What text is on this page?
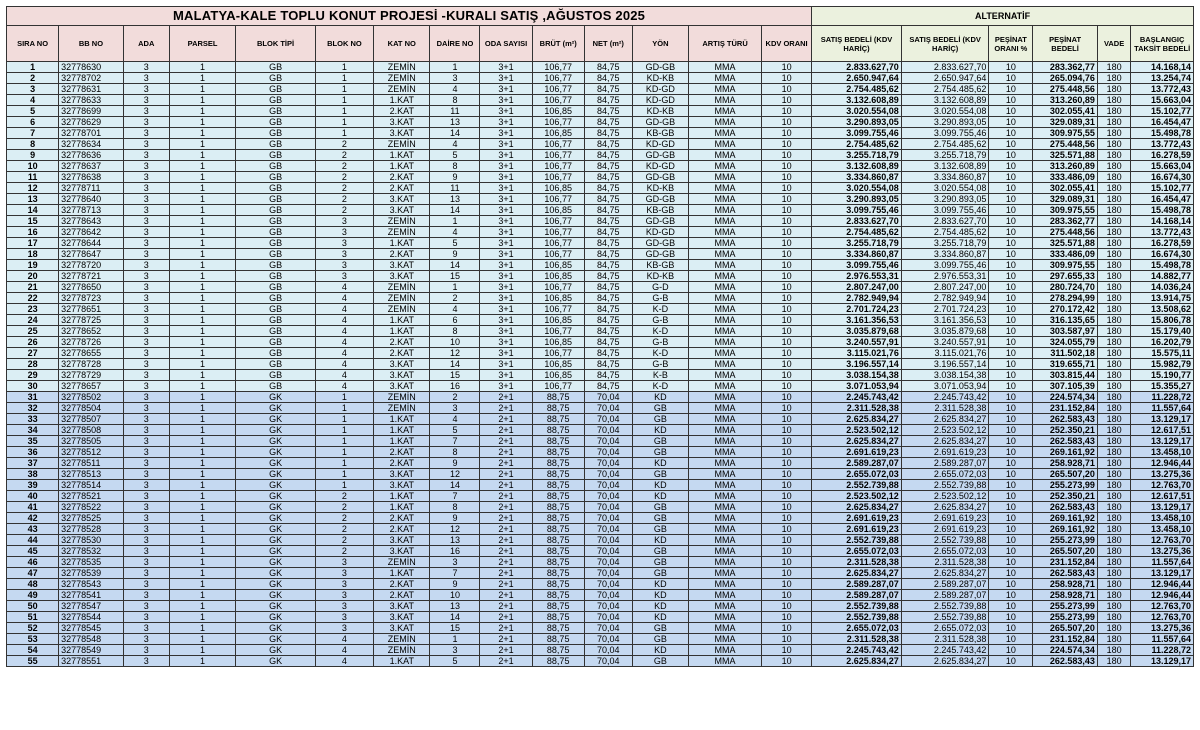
MALATYA-KALE TOPLU KONUT PROJESİ -KURALI SATIŞ ,AĞUSTOS 2025														ALTERNATİF					
SIRA NO	BB NO	ADA	PARSEL	BLOK TİPİ	BLOK NO	KAT NO	DAİRE NO	ODA SAYISI	BRÜT (m²)	NET (m²)	YÖN	ARTIŞ TÜRÜ	KDV ORANI	SATIŞ BEDELİ (KDV HARİÇ)	SATIŞ BEDELİ (KDV HARİÇ)	PEŞİNAT ORANI %	PEŞİNAT BEDELİ	VADE	BAŞLANGIÇ TAKSİT BEDELİ
1	32778630	3	1	GB	1	ZEMİN	1	3+1	106,77	84,75	GD-GB	MMA	10	2.833.627,70	2.833.627,70	10	283.362,77	180	14.168,14
2	32778702	3	1	GB	1	ZEMİN	3	3+1	106,77	84,75	KD-KB	MMA	10	2.650.947,64	2.650.947,64	10	265.094,76	180	13.254,74
3	32778631	3	1	GB	1	ZEMİN	4	3+1	106,77	84,75	KD-GD	MMA	10	2.754.485,62	2.754.485,62	10	275.448,56	180	13.772,43
4	32778633	3	1	GB	1	1.KAT	8	3+1	106,77	84,75	KD-GD	MMA	10	3.132.608,89	3.132.608,89	10	313.260,89	180	15.663,04
5	32778699	3	1	GB	1	2.KAT	11	3+1	106,85	84,75	KD-KB	MMA	10	3.020.554,08	3.020.554,08	10	302.055,41	180	15.102,77
6	32778629	3	1	GB	1	3.KAT	13	3+1	106,77	84,75	GD-GB	MMA	10	3.290.893,05	3.290.893,05	10	329.089,31	180	16.454,47
7	32778701	3	1	GB	1	3.KAT	14	3+1	106,85	84,75	KB-GB	MMA	10	3.099.755,46	3.099.755,46	10	309.975,55	180	15.498,78
8	32778634	3	1	GB	2	ZEMİN	4	3+1	106,77	84,75	KD-GD	MMA	10	2.754.485,62	2.754.485,62	10	275.448,56	180	13.772,43
9	32778636	3	1	GB	2	1.KAT	5	3+1	106,77	84,75	GD-GB	MMA	10	3.255.718,79	3.255.718,79	10	325.571,88	180	16.278,59
10	32778637	3	1	GB	2	1.KAT	8	3+1	106,77	84,75	KD-GD	MMA	10	3.132.608,89	3.132.608,89	10	313.260,89	180	15.663,04
11	32778638	3	1	GB	2	2.KAT	9	3+1	106,77	84,75	GD-GB	MMA	10	3.334.860,87	3.334.860,87	10	333.486,09	180	16.674,30
12	32778711	3	1	GB	2	2.KAT	11	3+1	106,85	84,75	KD-KB	MMA	10	3.020.554,08	3.020.554,08	10	302.055,41	180	15.102,77
13	32778640	3	1	GB	2	3.KAT	13	3+1	106,77	84,75	GD-GB	MMA	10	3.290.893,05	3.290.893,05	10	329.089,31	180	16.454,47
14	32778713	3	1	GB	2	3.KAT	14	3+1	106,85	84,75	KB-GB	MMA	10	3.099.755,46	3.099.755,46	10	309.975,55	180	15.498,78
15	32778643	3	1	GB	3	ZEMİN	1	3+1	106,77	84,75	GD-GB	MMA	10	2.833.627,70	2.833.627,70	10	283.362,77	180	14.168,14
16	32778642	3	1	GB	3	ZEMİN	4	3+1	106,77	84,75	KD-GD	MMA	10	2.754.485,62	2.754.485,62	10	275.448,56	180	13.772,43
17	32778644	3	1	GB	3	1.KAT	5	3+1	106,77	84,75	GD-GB	MMA	10	3.255.718,79	3.255.718,79	10	325.571,88	180	16.278,59
18	32778647	3	1	GB	3	2.KAT	9	3+1	106,77	84,75	GD-GB	MMA	10	3.334.860,87	3.334.860,87	10	333.486,09	180	16.674,30
19	32778720	3	1	GB	3	3.KAT	14	3+1	106,85	84,75	KB-GB	MMA	10	3.099.755,46	3.099.755,46	10	309.975,55	180	15.498,78
20	32778721	3	1	GB	3	3.KAT	15	3+1	106,85	84,75	KD-KB	MMA	10	2.976.553,31	2.976.553,31	10	297.655,33	180	14.882,77
21	32778650	3	1	GB	4	ZEMİN	1	3+1	106,77	84,75	G-D	MMA	10	2.807.247,00	2.807.247,00	10	280.724,70	180	14.036,24
22	32778723	3	1	GB	4	ZEMİN	2	3+1	106,85	84,75	G-B	MMA	10	2.782.949,94	2.782.949,94	10	278.294,99	180	13.914,75
23	32778651	3	1	GB	4	ZEMİN	4	3+1	106,77	84,75	K-D	MMA	10	2.701.724,23	2.701.724,23	10	270.172,42	180	13.508,62
24	32778725	3	1	GB	4	1.KAT	6	3+1	106,85	84,75	G-B	MMA	10	3.161.356,53	3.161.356,53	10	316.135,65	180	15.806,78
25	32778652	3	1	GB	4	1.KAT	8	3+1	106,77	84,75	K-D	MMA	10	3.035.879,68	3.035.879,68	10	303.587,97	180	15.179,40
26	32778726	3	1	GB	4	2.KAT	10	3+1	106,85	84,75	G-B	MMA	10	3.240.557,91	3.240.557,91	10	324.055,79	180	16.202,79
27	32778655	3	1	GB	4	2.KAT	12	3+1	106,77	84,75	K-D	MMA	10	3.115.021,76	3.115.021,76	10	311.502,18	180	15.575,11
28	32778728	3	1	GB	4	3.KAT	14	3+1	106,85	84,75	G-B	MMA	10	3.196.557,14	3.196.557,14	10	319.655,71	180	15.982,79
29	32778729	3	1	GB	4	3.KAT	15	3+1	106,85	84,75	K-B	MMA	10	3.038.154,38	3.038.154,38	10	303.815,44	180	15.190,77
30	32778657	3	1	GB	4	3.KAT	16	3+1	106,77	84,75	K-D	MMA	10	3.071.053,94	3.071.053,94	10	307.105,39	180	15.355,27
31	32778502	3	1	GK	1	ZEMİN	2	2+1	88,75	70,04	KD	MMA	10	2.245.743,42	2.245.743,42	10	224.574,34	180	11.228,72
32	32778504	3	1	GK	1	ZEMİN	3	2+1	88,75	70,04	GB	MMA	10	2.311.528,38	2.311.528,38	10	231.152,84	180	11.557,64
33	32778507	3	1	GK	1	1.KAT	4	2+1	88,75	70,04	GB	MMA	10	2.625.834,27	2.625.834,27	10	262.583,43	180	13.129,17
34	32778508	3	1	GK	1	1.KAT	5	2+1	88,75	70,04	KD	MMA	10	2.523.502,12	2.523.502,12	10	252.350,21	180	12.617,51
35	32778505	3	1	GK	1	1.KAT	7	2+1	88,75	70,04	GB	MMA	10	2.625.834,27	2.625.834,27	10	262.583,43	180	13.129,17
36	32778512	3	1	GK	1	2.KAT	8	2+1	88,75	70,04	GB	MMA	10	2.691.619,23	2.691.619,23	10	269.161,92	180	13.458,10
37	32778511	3	1	GK	1	2.KAT	9	2+1	88,75	70,04	KD	MMA	10	2.589.287,07	2.589.287,07	10	258.928,71	180	12.946,44
38	32778513	3	1	GK	1	3.KAT	12	2+1	88,75	70,04	GB	MMA	10	2.655.072,03	2.655.072,03	10	265.507,20	180	13.275,36
39	32778514	3	1	GK	1	3.KAT	14	2+1	88,75	70,04	KD	MMA	10	2.552.739,88	2.552.739,88	10	255.273,99	180	12.763,70
40	32778521	3	1	GK	2	1.KAT	7	2+1	88,75	70,04	KD	MMA	10	2.523.502,12	2.523.502,12	10	252.350,21	180	12.617,51
41	32778522	3	1	GK	2	1.KAT	8	2+1	88,75	70,04	GB	MMA	10	2.625.834,27	2.625.834,27	10	262.583,43	180	13.129,17
42	32778525	3	1	GK	2	2.KAT	9	2+1	88,75	70,04	GB	MMA	10	2.691.619,23	2.691.619,23	10	269.161,92	180	13.458,10
43	32778528	3	1	GK	2	2.KAT	12	2+1	88,75	70,04	GB	MMA	10	2.691.619,23	2.691.619,23	10	269.161,92	180	13.458,10
44	32778530	3	1	GK	2	3.KAT	13	2+1	88,75	70,04	KD	MMA	10	2.552.739,88	2.552.739,88	10	255.273,99	180	12.763,70
45	32778532	3	1	GK	2	3.KAT	16	2+1	88,75	70,04	GB	MMA	10	2.655.072,03	2.655.072,03	10	265.507,20	180	13.275,36
46	32778535	3	1	GK	3	ZEMİN	3	2+1	88,75	70,04	GB	MMA	10	2.311.528,38	2.311.528,38	10	231.152,84	180	11.557,64
47	32778539	3	1	GK	3	1.KAT	7	2+1	88,75	70,04	GB	MMA	10	2.625.834,27	2.625.834,27	10	262.583,43	180	13.129,17
48	32778543	3	1	GK	3	2.KAT	9	2+1	88,75	70,04	KD	MMA	10	2.589.287,07	2.589.287,07	10	258.928,71	180	12.946,44
49	32778541	3	1	GK	3	2.KAT	10	2+1	88,75	70,04	KD	MMA	10	2.589.287,07	2.589.287,07	10	258.928,71	180	12.946,44
50	32778547	3	1	GK	3	3.KAT	13	2+1	88,75	70,04	KD	MMA	10	2.552.739,88	2.552.739,88	10	255.273,99	180	12.763,70
51	32778544	3	1	GK	3	3.KAT	14	2+1	88,75	70,04	KD	MMA	10	2.552.739,88	2.552.739,88	10	255.273,99	180	12.763,70
52	32778545	3	1	GK	3	3.KAT	15	2+1	88,75	70,04	GB	MMA	10	2.655.072,03	2.655.072,03	10	265.507,20	180	13.275,36
53	32778548	3	1	GK	4	ZEMİN	1	2+1	88,75	70,04	GB	MMA	10	2.311.528,38	2.311.528,38	10	231.152,84	180	11.557,64
54	32778549	3	1	GK	4	ZEMİN	3	2+1	88,75	70,04	KD	MMA	10	2.245.743,42	2.245.743,42	10	224.574,34	180	11.228,72
55	32778551	3	1	GK	4	1.KAT	5	2+1	88,75	70,04	GB	MMA	10	2.625.834,27	2.625.834,27	10	262.583,43	180	13.129,17
